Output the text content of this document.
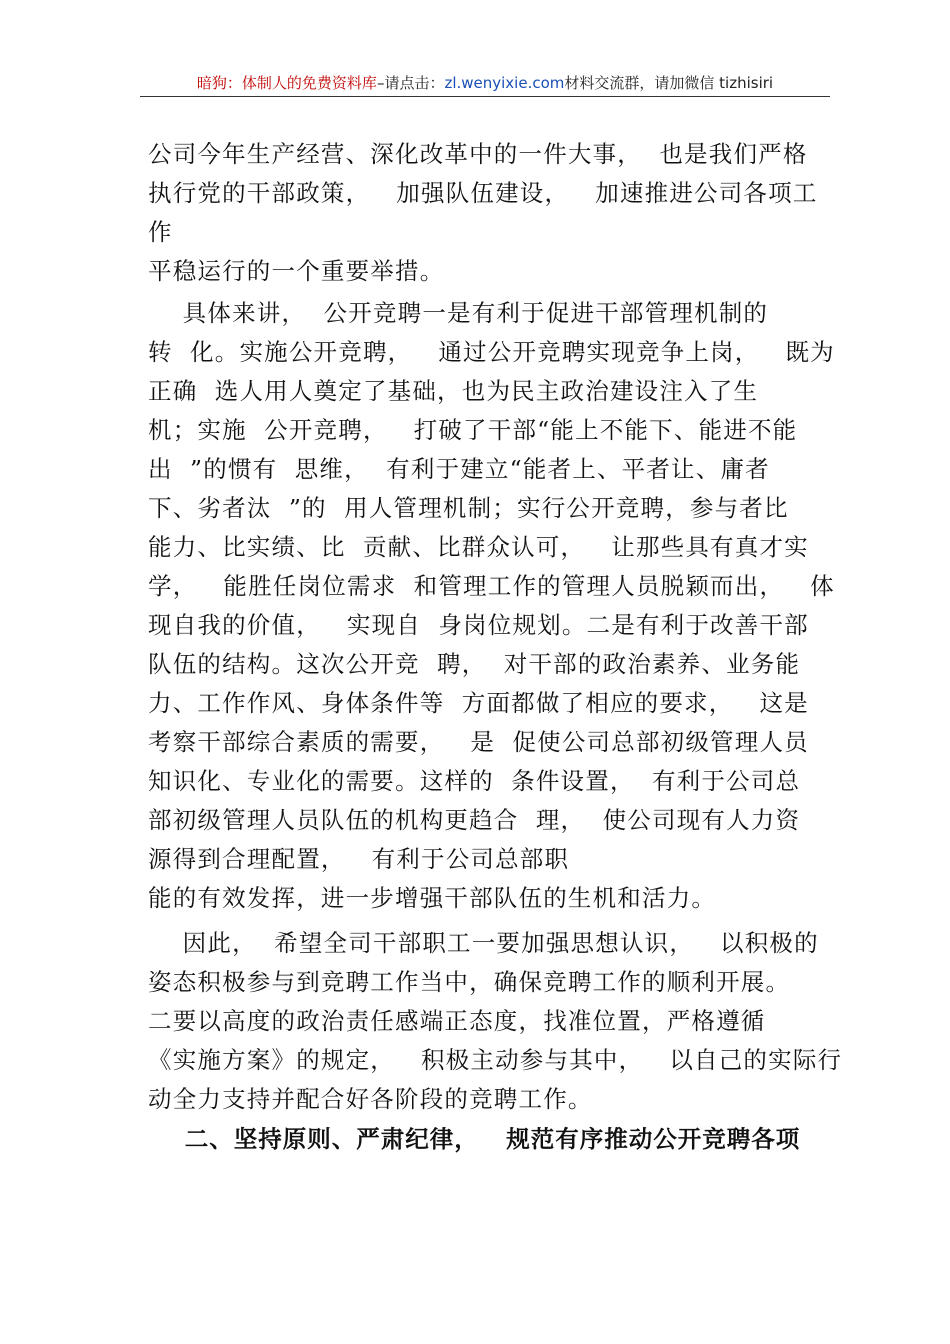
暗狗：体制人的免费资料库–请点击：zl.wenyixie.com材料交流群，请加微信 tizhisiri
公司今年生产经营、深化改革中的一件大事，  也是我们严格
执行党的干部政策，   加强队伍建设，   加速推进公司各项工
作
平稳运行的一个重要举措。
具体来讲，  公开竞聘一是有利于促进干部管理机制的
转  化。实施公开竞聘，   通过公开竞聘实现竞争上岗，   既为
正确  选人用人奠定了基础，也为民主政治建设注入了生
机；实施  公开竞聘，   打破了干部“能上不能下、能进不能
出  ”的惯有  思维，  有利于建立“能者上、平者让、庸者
下、劣者汰  ”的  用人管理机制；实行公开竞聘，参与者比
能力、比实绩、比  贡献、比群众认可，   让那些具有真才实
学，   能胜任岗位需求  和管理工作的管理人员脱颖而出，   体
现自我的价值，   实现自  身岗位规划。二是有利于改善干部
队伍的结构。这次公开竞  聘，  对干部的政治素养、业务能
力、工作作风、身体条件等  方面都做了相应的要求，   这是
考察干部综合素质的需要，   是  促使公司总部初级管理人员
知识化、专业化的需要。这样的  条件设置，  有利于公司总
部初级管理人员队伍的机构更趋合  理，  使公司现有人力资
源得到合理配置，   有利于公司总部职
能的有效发挥，进一步增强干部队伍的生机和活力。
因此，  希望全司干部职工一要加强思想认识，   以积极的
姿态积极参与到竞聘工作当中，确保竞聘工作的顺利开展。
二要以高度的政治责任感端正态度，找准位置，严格遵循
《实施方案》的规定，   积极主动参与其中，   以自己的实际行
动全力支持并配合好各阶段的竞聘工作。
二、坚持原则、严肃纪律，   规范有序推动公开竞聘各项
